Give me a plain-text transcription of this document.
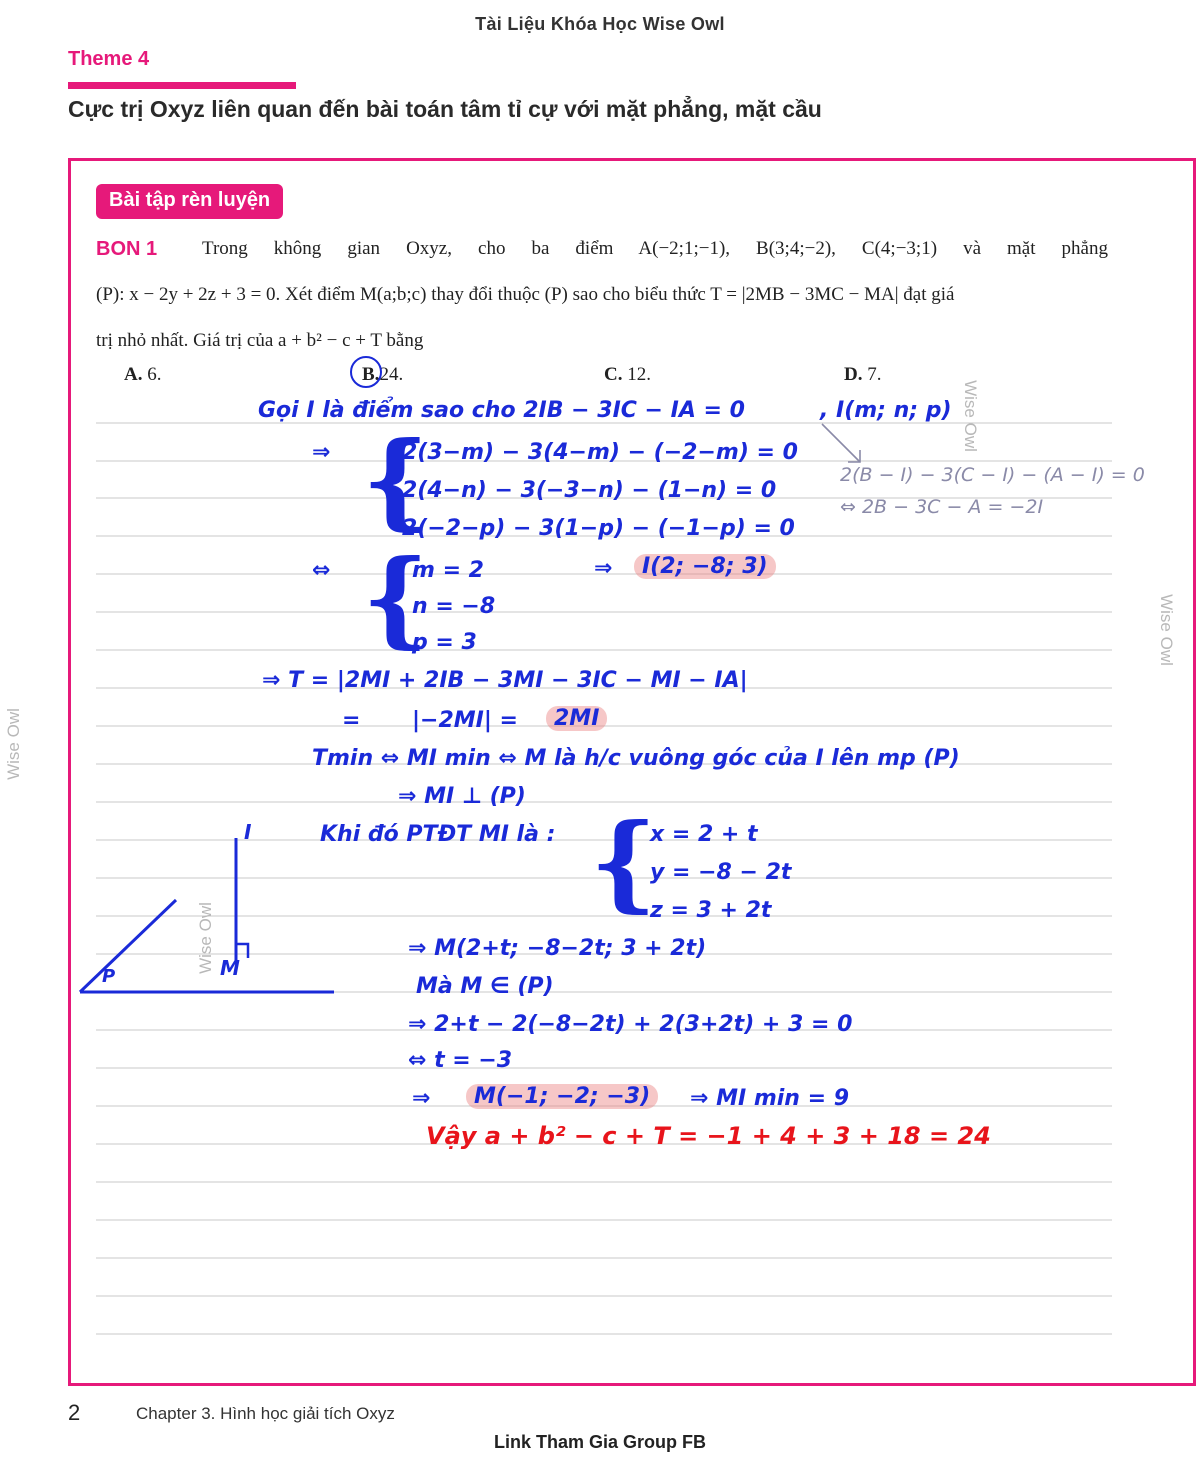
Tài Liệu Khóa Học Wise Owl
Theme 4
Cực trị Oxyz liên quan đến bài toán tâm tỉ cự với mặt phẳng, mặt cầu
Bài tập rèn luyện
BON 1 Trong không gian Oxyz, cho ba điểm A(−2;1;−1), B(3;4;−2), C(4;−3;1) và mặt phẳng
(P): x − 2y + 2z + 3 = 0. Xét điểm M(a;b;c) thay đổi thuộc (P) sao cho biểu thức T = |2MB − 3MC − MA| đạt giá
trị nhỏ nhất. Giá trị của a + b² − c + T bằng
A. 6.	B.24.	C. 12.	D. 7.
Gọi I là điểm sao cho 2IB − 3IC − IA = 0	, I(m; n; p)
⇒ {
2(3−m) − 3(4−m) − (−2−m) = 0
2(4−n) − 3(−3−n) − (1−n) = 0
2(−2−p) − 3(1−p) − (−1−p) = 0
2(B − I) − 3(C − I) − (A − I) = 0
⇔ 2B − 3C − A = −2I
⇔ {
m = 2
n = −8
p = 3
⇒	I(2; −8; 3)
⇒ T = |2MI + 2IB − 3MI − 3IC − MI − IA|
= |−2MI| =	2MI
Tmin ⇔ MI min ⇔ M là h/c vuông góc của I lên mp (P)
⇒ MI ⊥ (P)
Khi đó PTĐT MI là : {
x = 2 + t
y = −8 − 2t
z = 3 + 2t
⇒ M(2+t; −8−2t; 3 + 2t)
Mà M ∈ (P)
⇒ 2+t − 2(−8−2t) + 2(3+2t) + 3 = 0
⇔ t = −3
⇒	M(−1; −2; −3)	⇒ MI min = 9
Vậy a + b² − c + T = −1 + 4 + 3 + 18 = 24
I
M
P
Wise Owl
Wise Owl
Wise Owl
Wise Owl
2	Chapter 3. Hình học giải tích Oxyz
Link Tham Gia Group FB
